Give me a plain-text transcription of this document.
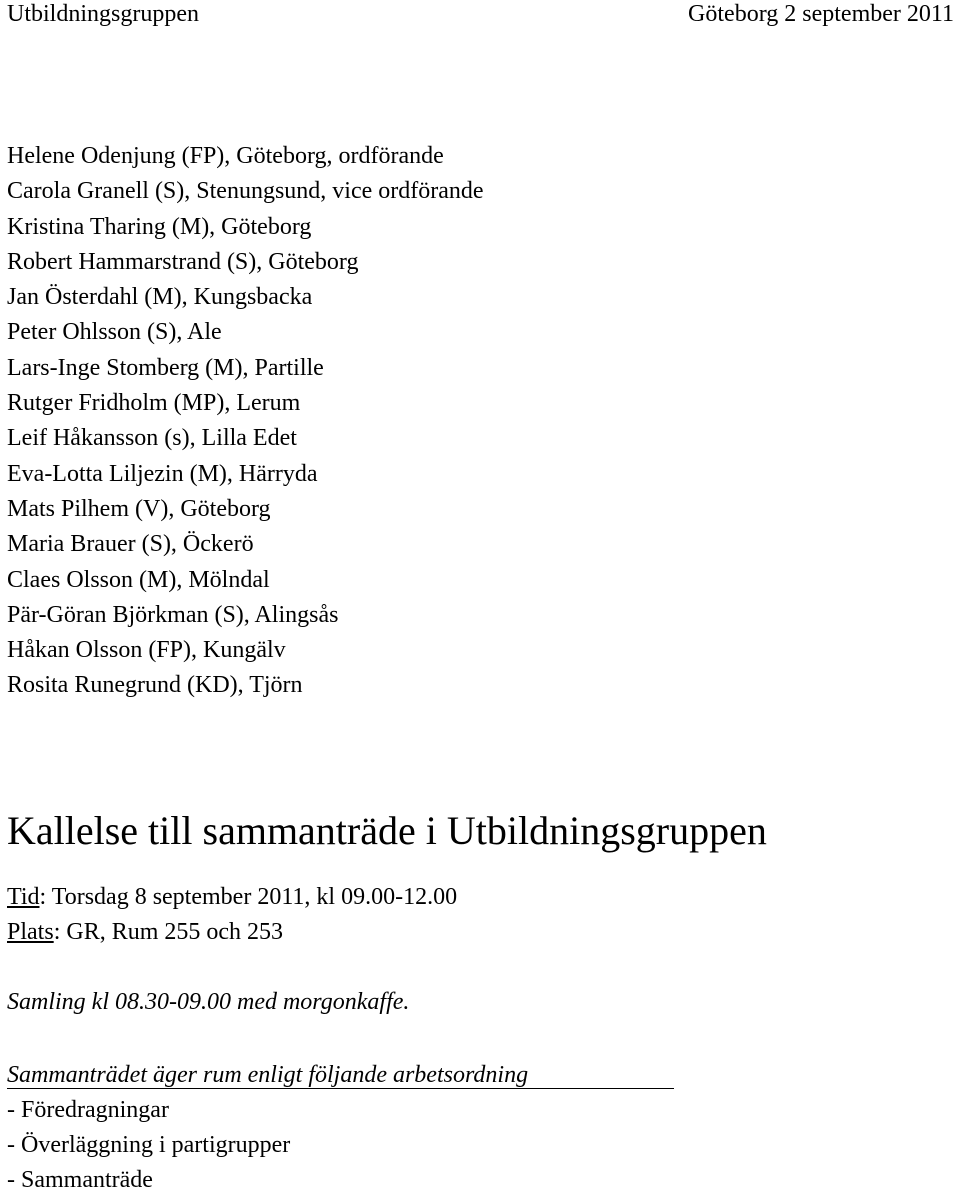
Utbildningsgruppen	Göteborg 2 september 2011
Helene Odenjung (FP), Göteborg, ordförande
Carola Granell (S), Stenungsund, vice ordförande
Kristina Tharing (M), Göteborg
Robert Hammarstrand (S), Göteborg
Jan Österdahl (M), Kungsbacka
Peter Ohlsson (S), Ale
Lars-Inge Stomberg (M), Partille
Rutger Fridholm (MP), Lerum
Leif Håkansson (s), Lilla Edet
Eva-Lotta Liljezin (M), Härryda
Mats Pilhem (V), Göteborg
Maria Brauer (S), Öckerö
Claes Olsson (M), Mölndal
Pär-Göran Björkman (S), Alingsås
Håkan Olsson (FP), Kungälv
Rosita Runegrund (KD), Tjörn
Kallelse till sammanträde i Utbildningsgruppen
Tid: Torsdag 8 september 2011, kl 09.00-12.00
Plats: GR, Rum 255 och 253
Samling kl 08.30-09.00 med morgonkaffe.
Sammanträdet äger rum enligt följande arbetsordning
- Föredragningar
- Överläggning i partigrupper
- Sammanträde
